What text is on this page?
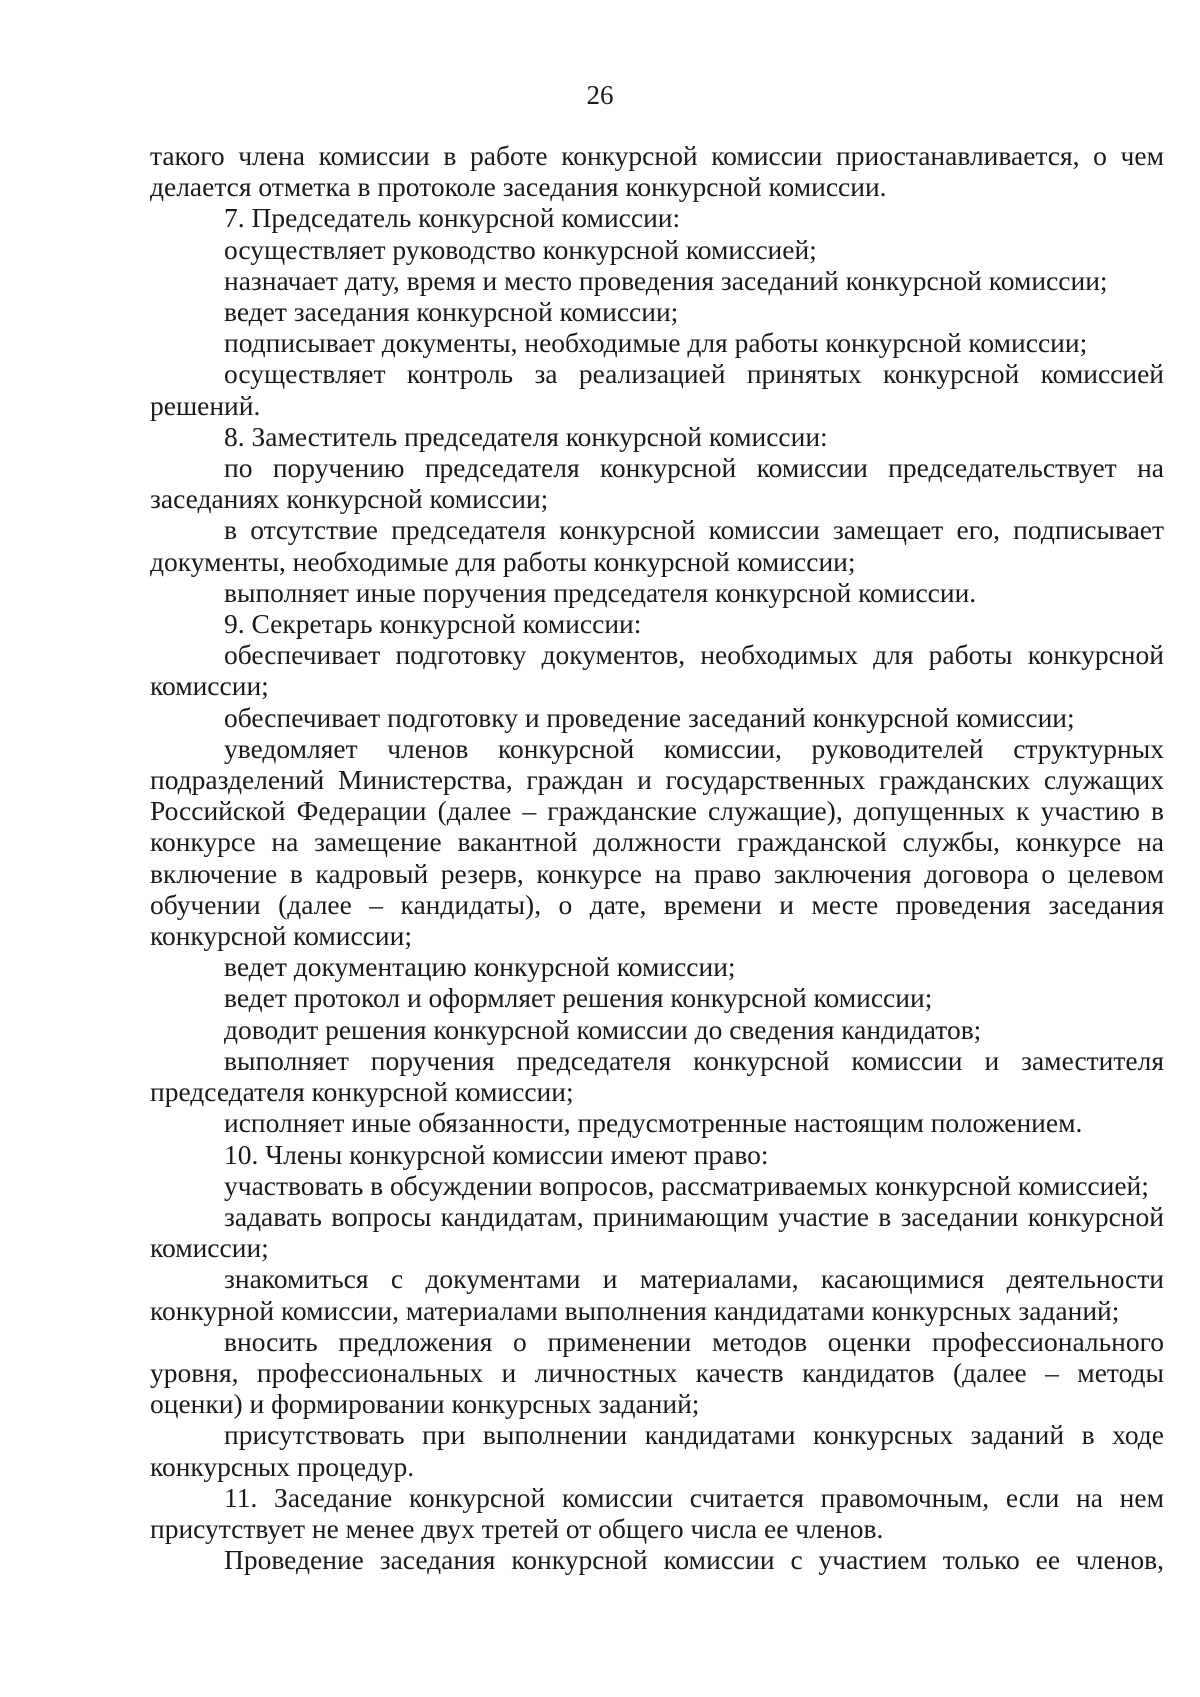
26

такого члена комиссии в работе конкурсной комиссии приостанавливается, о чем делается отметка в протоколе заседания конкурсной комиссии.

7. Председатель конкурсной комиссии:

осуществляет руководство конкурсной комиссией;

назначает дату, время и место проведения заседаний конкурсной комиссии;

ведет заседания конкурсной комиссии;

подписывает документы, необходимые для работы конкурсной комиссии;

осуществляет контроль за реализацией принятых конкурсной комиссией решений.

8. Заместитель председателя конкурсной комиссии:

по поручению председателя конкурсной комиссии председательствует на заседаниях конкурсной комиссии;

в отсутствие председателя конкурсной комиссии замещает его, подписывает документы, необходимые для работы конкурсной комиссии;

выполняет иные поручения председателя конкурсной комиссии.

9. Секретарь конкурсной комиссии:

обеспечивает подготовку документов, необходимых для работы конкурсной комиссии;

обеспечивает подготовку и проведение заседаний конкурсной комиссии;

уведомляет членов конкурсной комиссии, руководителей структурных подразделений Министерства, граждан и государственных гражданских служащих Российской Федерации (далее – гражданские служащие), допущенных к участию в конкурсе на замещение вакантной должности гражданской службы, конкурсе на включение в кадровый резерв, конкурсе на право заключения договора о целевом обучении (далее – кандидаты), о дате, времени и месте проведения заседания конкурсной комиссии;

ведет документацию конкурсной комиссии;

ведет протокол и оформляет решения конкурсной комиссии;

доводит решения конкурсной комиссии до сведения кандидатов;

выполняет поручения председателя конкурсной комиссии и заместителя председателя конкурсной комиссии;

исполняет иные обязанности, предусмотренные настоящим положением.

10. Члены конкурсной комиссии имеют право:

участвовать в обсуждении вопросов, рассматриваемых конкурсной комиссией;

задавать вопросы кандидатам, принимающим участие в заседании конкурсной комиссии;

знакомиться с документами и материалами, касающимися деятельности конкурной комиссии, материалами выполнения кандидатами конкурсных заданий;

вносить предложения о применении методов оценки профессионального уровня, профессиональных и личностных качеств кандидатов (далее – методы оценки) и формировании конкурсных заданий;

присутствовать при выполнении кандидатами конкурсных заданий в ходе конкурсных процедур.

11. Заседание конкурсной комиссии считается правомочным, если на нем присутствует не менее двух третей от общего числа ее членов.

Проведение заседания конкурсной комиссии с участием только ее членов,
